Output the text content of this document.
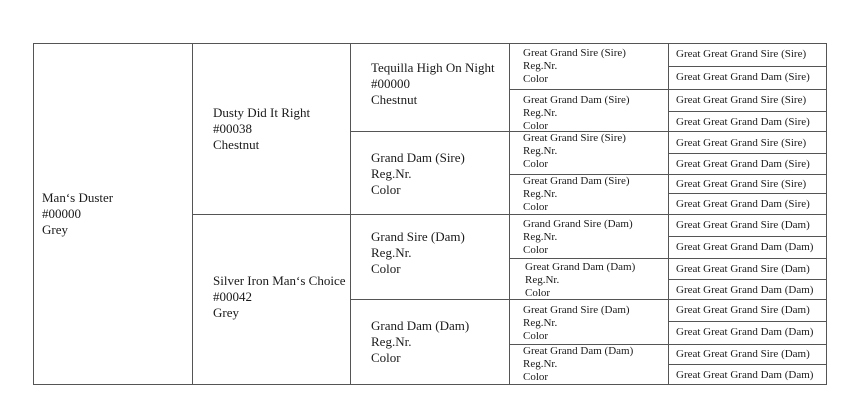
Man‘s Duster
#00000
Grey
Dusty Did It Right
#00038
Chestnut
Silver Iron Man‘s Choice
#00042
Grey
Tequilla High On Night
#00000
Chestnut
Grand Dam (Sire)
Reg.Nr.
Color
Grand Sire (Dam)
Reg.Nr.
Color
Grand Dam (Dam)
Reg.Nr.
Color
Great Grand Sire (Sire)
Reg.Nr.
Color
Great Grand Dam (Sire)
Reg.Nr.
Color
Great Grand Sire (Sire)
Reg.Nr.
Color
Great Grand Dam (Sire)
Reg.Nr.
Color
Grand Grand Sire (Dam)
Reg.Nr.
Color
Great Grand Dam (Dam)
Reg.Nr.
Color
Great Grand Sire (Dam)
Reg.Nr.
Color
Great Grand Dam (Dam)
Reg.Nr.
Color
Great Great Grand Sire (Sire)
Great Great Grand Dam (Sire)
Great Great Grand Sire (Sire)
Great Great Grand Dam (Sire)
Great Great Grand Sire (Sire)
Great Great Grand Dam (Sire)
Great Great Grand Sire (Sire)
Great Great Grand Dam (Sire)
Great Great Grand Sire (Dam)
Great Great Grand Dam (Dam)
Great Great Grand Sire (Dam)
Great Great Grand Dam (Dam)
Great Great Grand Sire (Dam)
Great Great Grand Dam (Dam)
Great Great Grand Sire (Dam)
Great Great Grand Dam (Dam)
